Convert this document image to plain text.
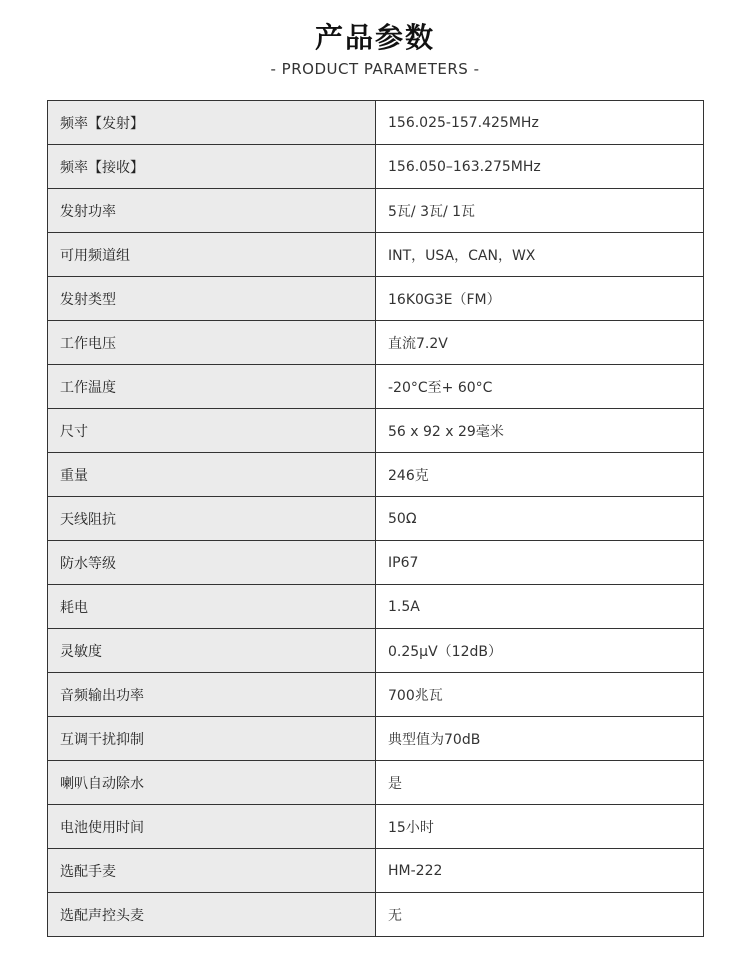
产品参数
- PRODUCT PARAMETERS -
频率【发射】	156.025-157.425MHz
频率【接收】	156.050–163.275MHz
发射功率	5瓦/ 3瓦/ 1瓦
可用频道组	INT，USA，CAN，WX
发射类型	16K0G3E（FM）
工作电压	直流7.2V
工作温度	-20°C至+ 60°C
尺寸	56 x 92 x 29毫米
重量	246克
天线阻抗	50Ω
防水等级	IP67
耗电	1.5A
灵敏度	0.25μV（12dB）
音频输出功率	700兆瓦
互调干扰抑制	典型值为70dB
喇叭自动除水	是
电池使用时间	15小时
选配手麦	HM-222
选配声控头麦	无
